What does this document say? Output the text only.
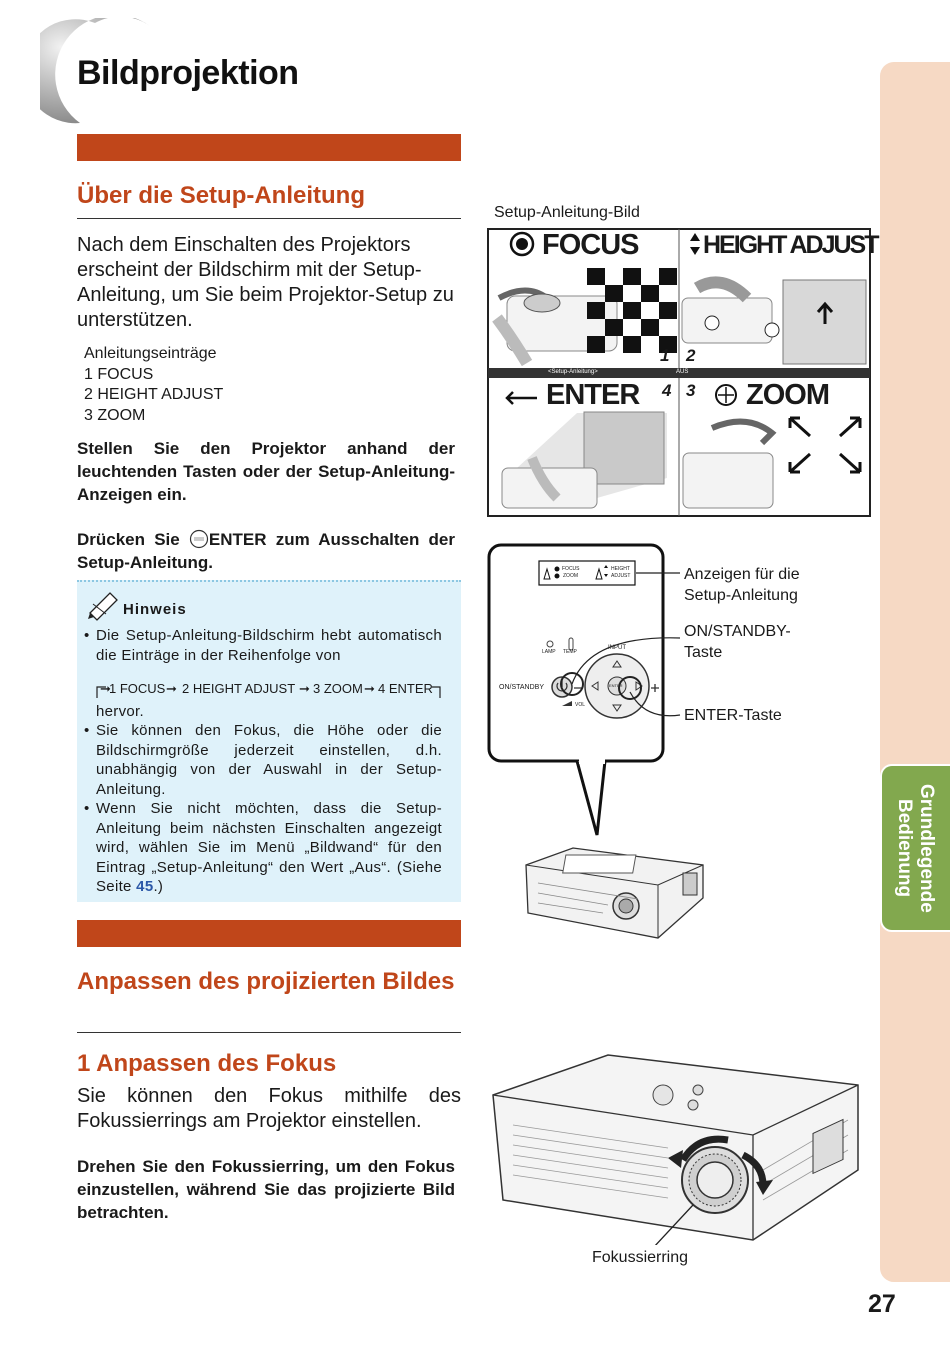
Bildprojektion
Grundlegende
Bedienung
Über die Setup-Anleitung

Nach dem Einschalten des Projektors erscheint der Bildschirm mit der Setup-Anleitung, um Sie beim Projektor-Setup zu unterstützen.

Anleitungseinträge
1 FOCUS
2 HEIGHT ADJUST
3 ZOOM

Stellen Sie den Projektor anhand der leuchtenden Tasten oder der Setup-Anleitung-Anzeigen ein.

Drücken Sie ENTER zum Ausschalten der Setup-Anleitung.

Hinweis
• Die Setup-Anleitung-Bildschirm hebt automatisch die Einträge in der Reihenfolge von
➞
1 FOCUS ➞ 2 HEIGHT ADJUST ➞ 3 ZOOM ➞ 4 ENTER
hervor.
• Sie können den Fokus, die Höhe oder die Bildschirmgröße jederzeit einstellen, d.h. unabhängig von der Auswahl in der Setup-Anleitung.
• Wenn Sie nicht möchten, dass die Setup-Anleitung beim nächsten Einschalten angezeigt wird, wählen Sie im Menü „Bildwand“ für den Eintrag „Setup-Anleitung“ den Wert „Aus“. (Siehe Seite 45.)
Anpassen des projizierten Bildes
1 Anpassen des Fokus

Sie können den Fokus mithilfe des Fokussierrings am Projektor einstellen.

Drehen Sie den Fokussierring, um den Fokus einzustellen, während Sie das projizierte Bild betrachten.

Setup-Anleitung-Bild
FOCUS	HEIGHT ADJUST
ENTER	ZOOM
1 2
4 3
<Setup-Anleitung>	AUS
FOCUS
ZOOM
HEIGHT
ADJUST
LAMP TEMP
INPUT
ON/STANDBY
VOL
ENTER
Anzeigen für die Setup-Anleitung
ON/STANDBY-Taste
ENTER-Taste
Fokussierring
27
